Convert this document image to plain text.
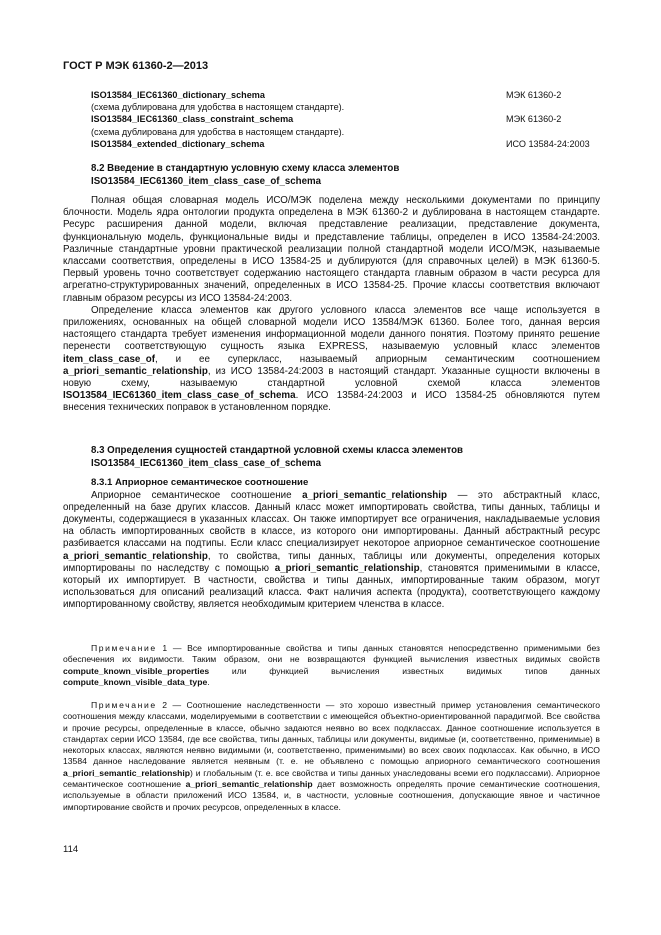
ГОСТ Р МЭК 61360-2—2013
ISO13584_IEC61360_dictionary_schema	МЭК 61360-2
(схема дублирована для удобства в настоящем стандарте).
ISO13584_IEC61360_class_constraint_schema	МЭК 61360-2
(схема дублирована для удобства в настоящем стандарте).
ISO13584_extended_dictionary_schema	ИСО 13584-24:2003
8.2 Введение в стандартную условную схему класса элементов
ISO13584_IEC61360_item_class_case_of_schema

Полная общая словарная модель ИСО/МЭК поделена между несколькими документами по принципу блочности. Модель ядра онтологии продукта определена в МЭК 61360-2 и дублирована в настоящем стандарте. Ресурс расширения данной модели, включая представление реализации, представление документа, функциональную модель, функциональные виды и представление таблицы, определен в ИСО 13584-24:2003. Различные стандартные уровни практической реализации полной стандартной модели ИСО/МЭК, называемые классами соответствия, определены в ИСО 13584-25 и дублируются (для справочных целей) в МЭК 61360-5. Первый уровень точно соответствует содержанию настоящего стандарта главным образом в части ресурса для агрегатно-структурированных значений, определенных в ИСО 13584-25. Прочие классы соответствия включают главным образом ресурсы из ИСО 13584-24:2003.

Определение класса элементов как другого условного класса элементов все чаще используется в приложениях, основанных на общей словарной модели ИСО 13584/МЭК 61360. Более того, данная версия настоящего стандарта требует изменения информационной модели данного понятия. Поэтому принято решение перенести соответствующую сущность языка EXPRESS, называемую условный класс элементов item_class_case_of, и ее суперкласс, называемый априорным семантическим соотношением a_priori_semantic_relationship, из ИСО 13584-24:2003 в настоящий стандарт. Указанные сущности включены в новую схему, называемую стандартной условной схемой класса элементов ISO13584_IEC61360_item_class_case_of_schema. ИСО 13584-24:2003 и ИСО 13584-25 обновляются путем внесения технических поправок в установленном порядке.

8.3 Определения сущностей стандартной условной схемы класса элементов
ISO13584_IEC61360_item_class_case_of_schema
8.3.1 Априорное семантическое соотношение

Априорное семантическое соотношение a_priori_semantic_relationship — это абстрактный класс, определенный на базе других классов. Данный класс может импортировать свойства, типы данных, таблицы и документы, содержащиеся в указанных классах. Он также импортирует все ограничения, накладываемые условия на область импортированных свойств в классе, из которого они импортированы. Данный абстрактный ресурс разбивается классами на подтипы. Если класс специализирует некоторое априорное семантическое соотношение a_priori_semantic_relationship, то свойства, типы данных, таблицы или документы, определения которых импортированы по наследству с помощью a_priori_semantic_relationship, становятся применимыми в классе, который их импортирует. В частности, свойства и типы данных, импортированные таким образом, могут использоваться для описаний реализаций класса. Факт наличия аспекта (продукта), соответствующего каждому импортированному свойству, является необходимым критерием членства в классе.

Примечание 1 — Все импортированные свойства и типы данных становятся непосредственно применимыми без обеспечения их видимости. Таким образом, они не возвращаются функцией вычисления известных видимых свойств compute_known_visible_properties или функцией вычисления известных видимых типов данных compute_known_visible_data_type.

Примечание 2 — Соотношение наследственности — это хорошо известный пример установления семантического соотношения между классами, моделируемыми в соответствии с имеющейся объектно-ориентированной парадигмой. Все свойства и прочие ресурсы, определенные в классе, обычно задаются неявно во всех подклассах. Данное соотношение используется в стандартах серии ИСО 13584, где все свойства, типы данных, таблицы или документы, видимые (и, соответственно, применимые) в некоторых классах, являются неявно видимыми (и, соответственно, применимыми) во всех своих подклассах. Как обычно, в ИСО 13584 данное наследование является неявным (т. е. не объявлено с помощью априорного семантического соотношения a_priori_semantic_relationship) и глобальным (т. е. все свойства и типы данных унаследованы всеми его подклассами). Априорное семантическое соотношение a_priori_semantic_relationship дает возможность определять прочие семантические соотношения, используемые в области приложений ИСО 13584, и, в частности, условные соотношения, допускающие явное и частичное импортирование свойств и прочих ресурсов, определенных в классе.

114
